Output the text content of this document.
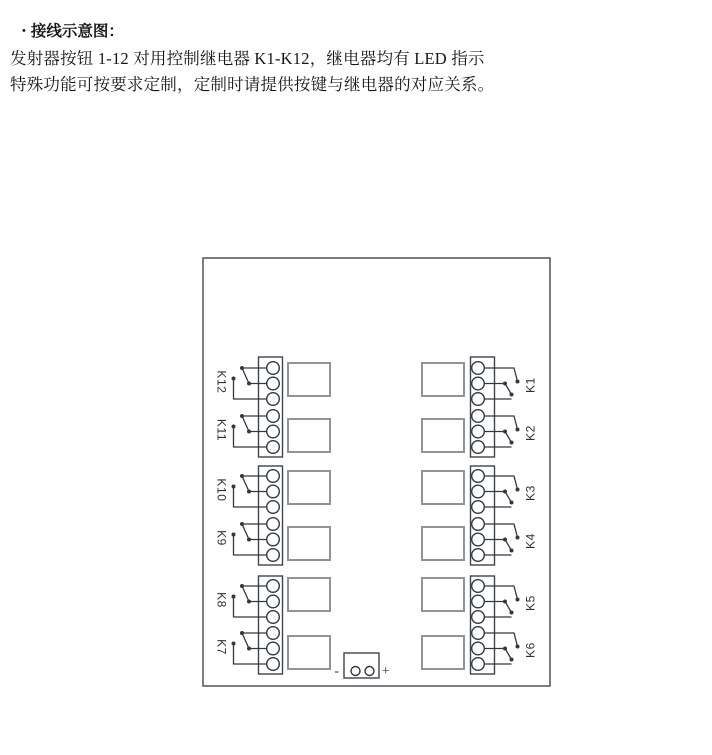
• 接线示意图：
发射器按钮 1-12 对用控制继电器 K1-K12，继电器均有 LED 指示
特殊功能可按要求定制，定制时请提供按键与继电器的对应关系。
K12
K11
K10
K9
K8
K7
K1
K2
K3
K4
K5
K6
-	+
